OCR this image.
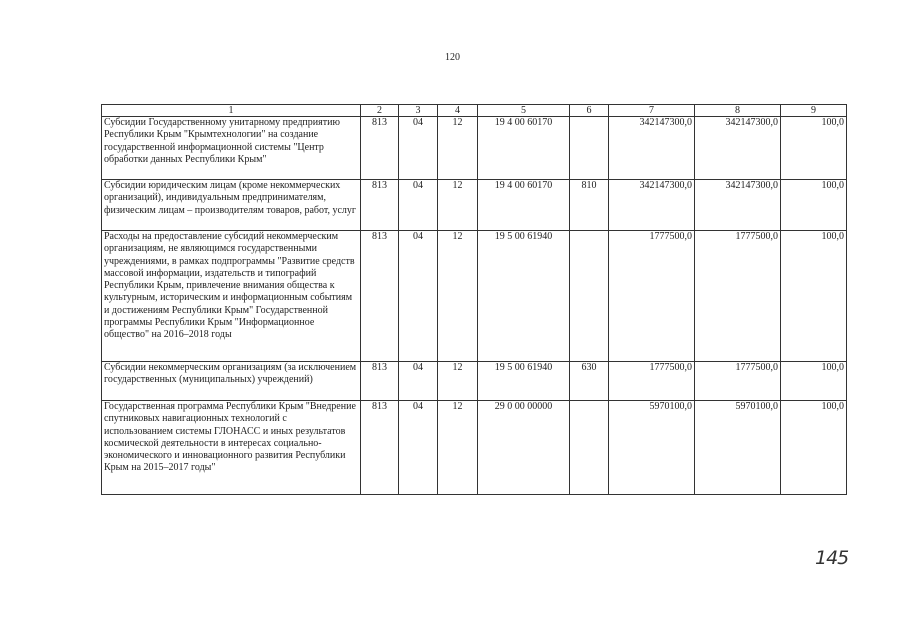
120
1	2	3	4	5	6	7	8	9
Субсидии Государственному унитарному предприятию Республики Крым "Крымтехнологии" на создание государственной информационной системы "Центр обработки данных Республики Крым"	813	04	12	19 4 00 60170		342147300,0	342147300,0	100,0
Субсидии юридическим лицам (кроме некоммерческих организаций), индивидуальным предпринимателям, физическим лицам – производителям товаров, работ, услуг	813	04	12	19 4 00 60170	810	342147300,0	342147300,0	100,0
Расходы на предоставление субсидий некоммерческим организациям, не являющимся государственными учреждениями, в рамках подпрограммы "Развитие средств массовой информации, издательств и типографий Республики Крым, привлечение внимания общества к культурным, историческим и информационным событиям и достижениям Республики Крым" Государственной программы Республики Крым "Информационное общество" на 2016–2018 годы	813	04	12	19 5 00 61940		1777500,0	1777500,0	100,0
Субсидии некоммерческим организациям (за исключением государственных (муниципальных) учреждений)	813	04	12	19 5 00 61940	630	1777500,0	1777500,0	100,0
Государственная программа Республики Крым "Внедрение спутниковых навигационных технологий с использованием системы ГЛОНАСС и иных результатов космической деятельности в интересах социально-экономического и инновационного развития Республики Крым на 2015–2017 годы"	813	04	12	29 0 00 00000		5970100,0	5970100,0	100,0
145
